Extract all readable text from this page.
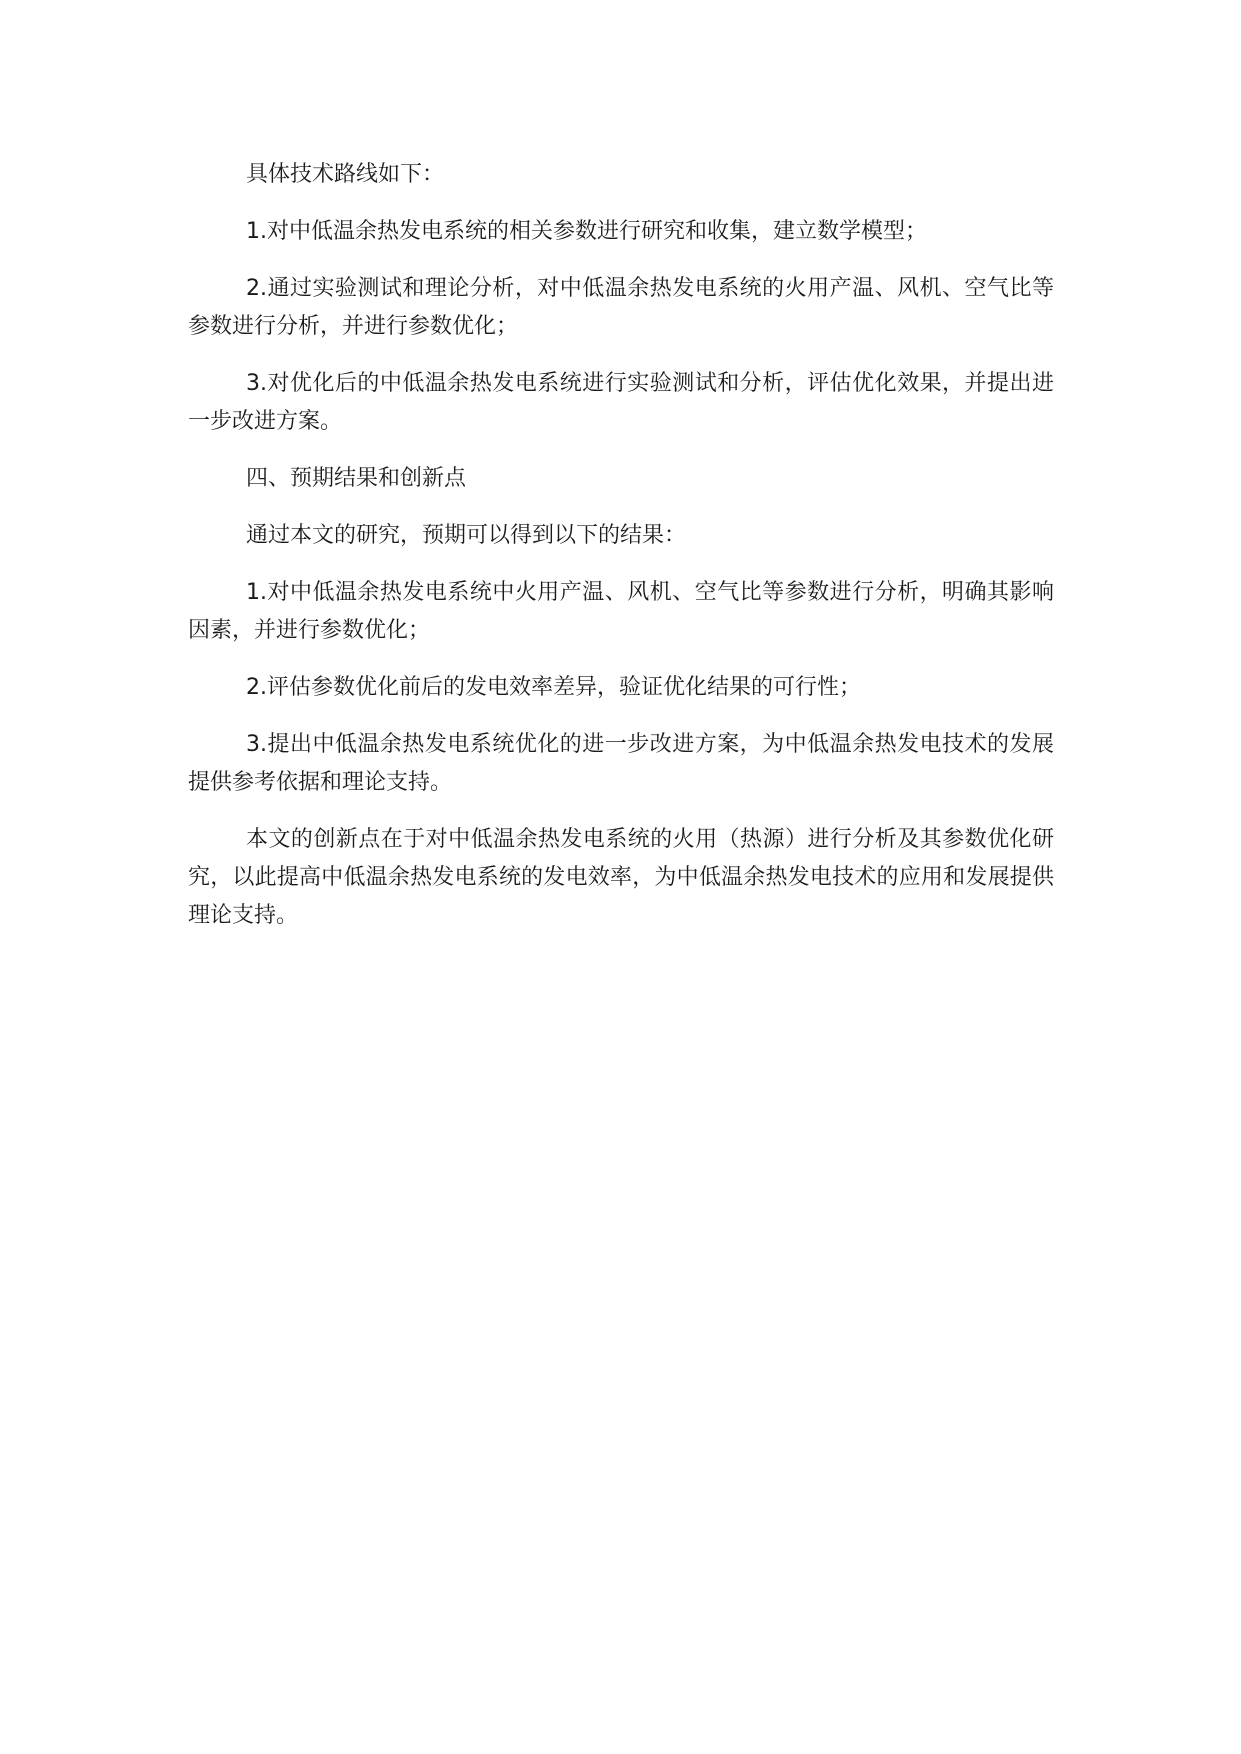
具体技术路线如下：

1.对中低温余热发电系统的相关参数进行研究和收集，建立数学模型；

2.通过实验测试和理论分析，对中低温余热发电系统的火用产温、风机、空气比等参数进行分析，并进行参数优化；

3.对优化后的中低温余热发电系统进行实验测试和分析，评估优化效果，并提出进一步改进方案。

四、预期结果和创新点

通过本文的研究，预期可以得到以下的结果：

1.对中低温余热发电系统中火用产温、风机、空气比等参数进行分析，明确其影响因素，并进行参数优化；

2.评估参数优化前后的发电效率差异，验证优化结果的可行性；

3.提出中低温余热发电系统优化的进一步改进方案，为中低温余热发电技术的发展提供参考依据和理论支持。

本文的创新点在于对中低温余热发电系统的火用（热源）进行分析及其参数优化研究，以此提高中低温余热发电系统的发电效率，为中低温余热发电技术的应用和发展提供理论支持。
